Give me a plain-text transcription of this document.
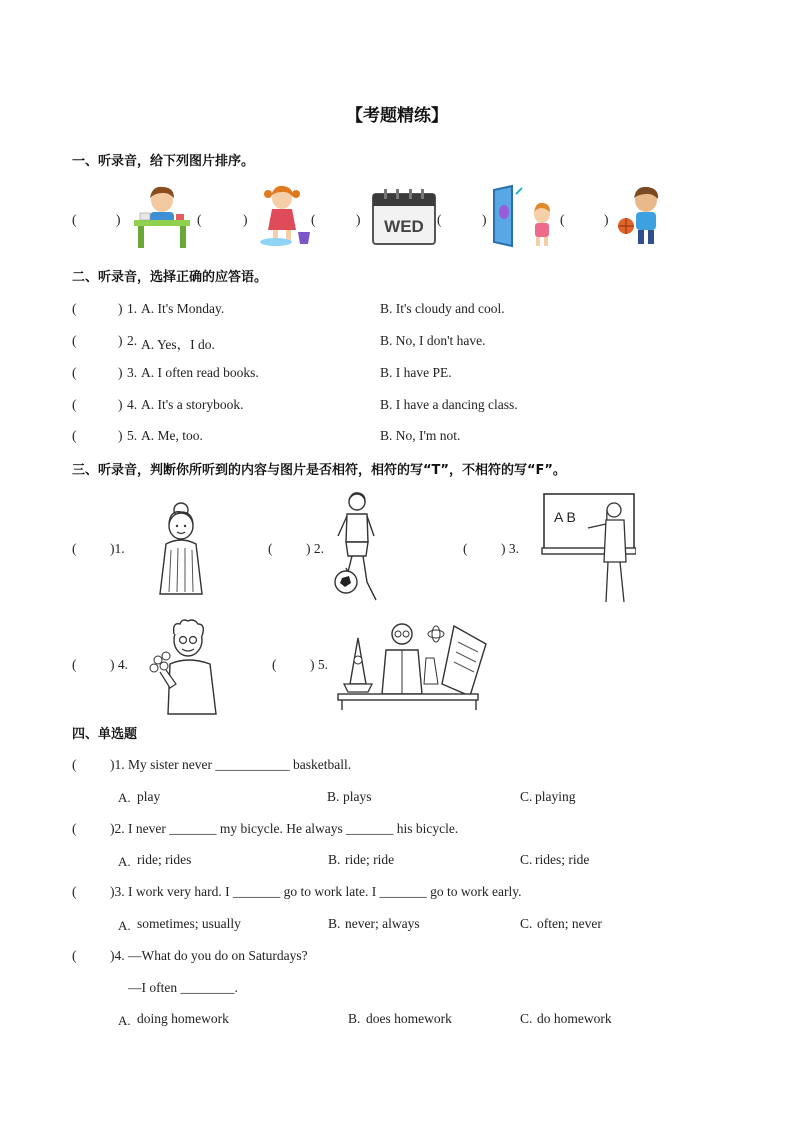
【考题精练】
一、听录音，给下列图片排序。
(	)	(	)	(	)	(	)	(	)
WED
二、听录音，选择正确的应答语。
(	) 1. A. It's Monday.	B. It's cloudy and cool.
(	) 2. A. Yes，I do.	B. No, I don't have.
(	) 3. A. I often read books.	B. I have PE.
(	) 4. A. It's a storybook.	B. I have a dancing class.
(	) 5. A. Me, too.	B. No, I'm not.
三、听录音，判断你所听到的内容与图片是否相符，相符的写“T”，不相符的写“F”。
( )1.	( ) 2.	( ) 3.
A B
( ) 4.	( ) 5.
四、单选题
( )1. My sister never ___________ basketball.
A. play	B. plays	C. playing
( )2. I never _______ my bicycle. He always _______ his bicycle.
A. ride; rides	B. ride; ride	C. rides; ride
( )3. I work very hard. I _______ go to work late. I _______ go to work early.
A. sometimes; usually	B. never; always	C. often; never
( )4. —What do you do on Saturdays?
—I often ________.
A. doing homework	B. does homework	C. do homework
